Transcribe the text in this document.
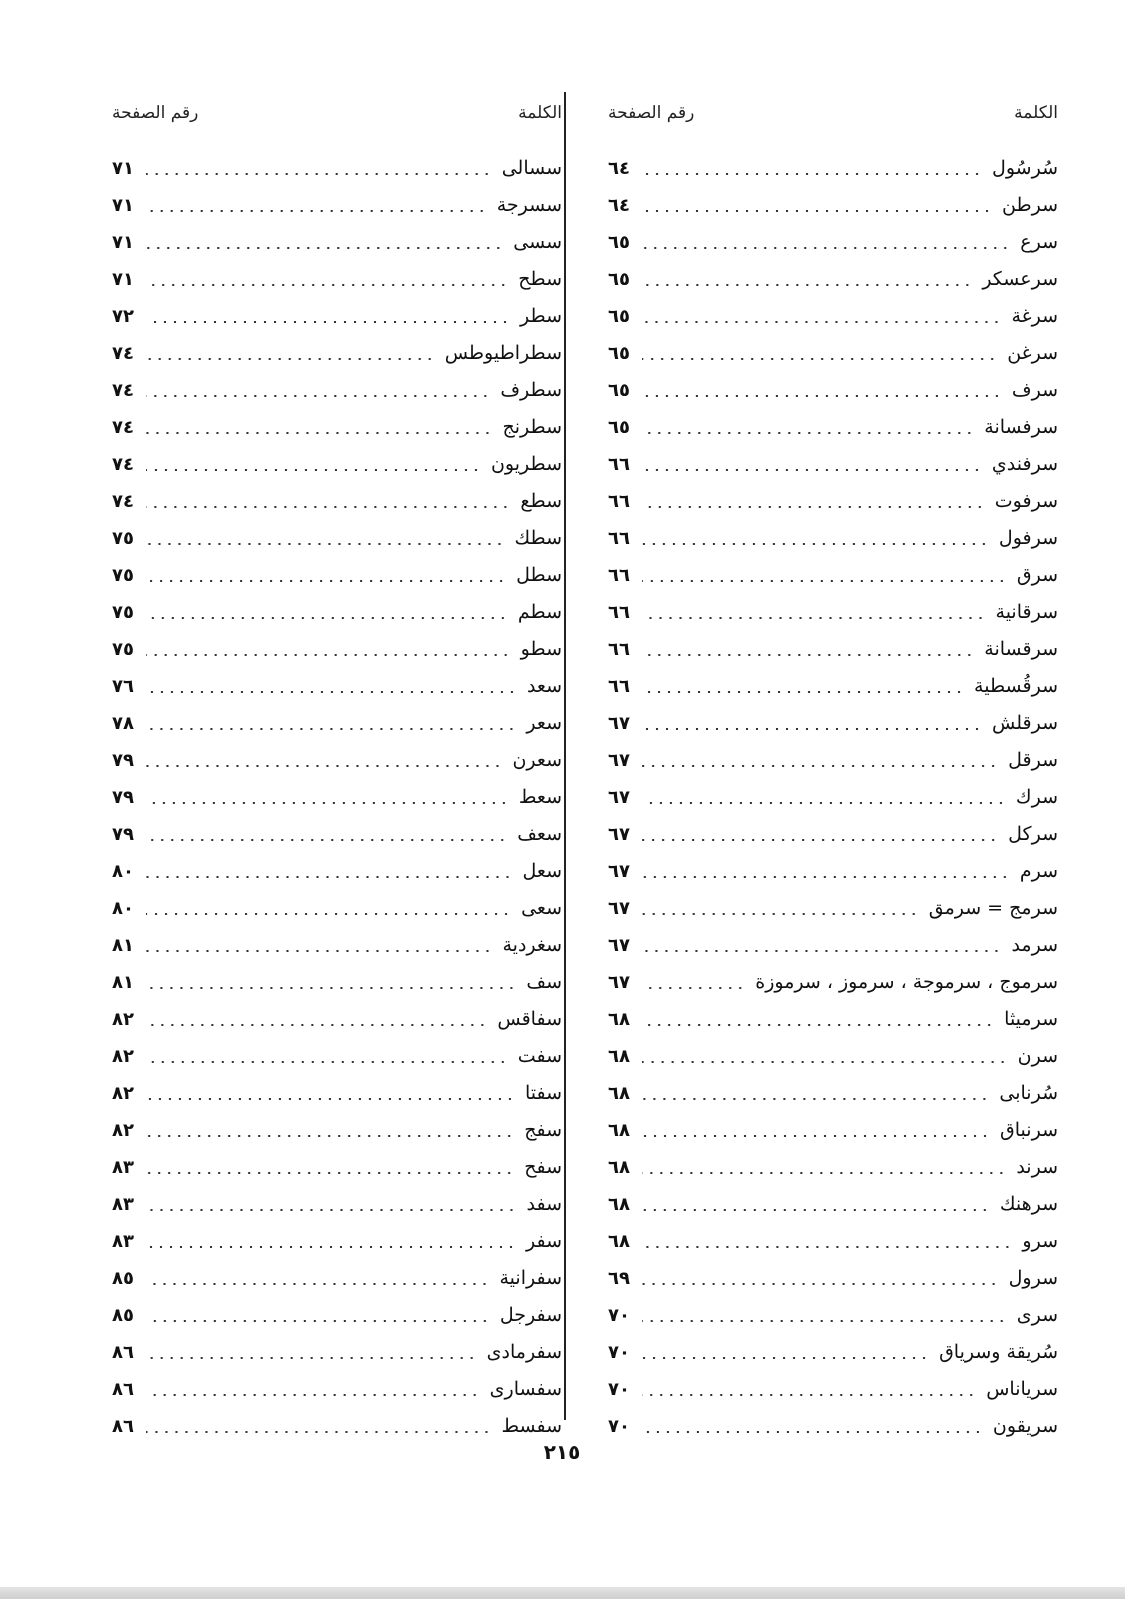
الكلمة
رقم الصفحة
سُرسُول
٦٤
سرطن
٦٤
سرع
٦٥
سرعسكر
٦٥
سرغة
٦٥
سرغن
٦٥
سرف
٦٥
سرفسانة
٦٥
سرفندي
٦٦
سرفوت
٦٦
سرفول
٦٦
سرق
٦٦
سرقانية
٦٦
سرقسانة
٦٦
سرقُسطية
٦٦
سرقلش
٦٧
سرقل
٦٧
سرك
٦٧
سركل
٦٧
سرم
٦٧
سرمج = سرمق
٦٧
سرمد
٦٧
سرموج ، سرموجة ، سرموز ، سرموزة
٦٧
سرميثا
٦٨
سرن
٦٨
سُرنابى
٦٨
سرنباق
٦٨
سرند
٦٨
سرهنك
٦٨
سرو
٦٨
سرول
٦٩
سرى
٧٠
سُريقة وسرياق
٧٠
سرياناس
٧٠
سريقون
٧٠
الكلمة
رقم الصفحة
سسالى
٧١
سسرجة
٧١
سسى
٧١
سطح
٧١
سطر
٧٢
سطراطيوطس
٧٤
سطرف
٧٤
سطرنج
٧٤
سطريون
٧٤
سطع
٧٤
سطك
٧٥
سطل
٧٥
سطم
٧٥
سطو
٧٥
سعد
٧٦
سعر
٧٨
سعرن
٧٩
سعط
٧٩
سعف
٧٩
سعل
٨٠
سعى
٨٠
سغردية
٨١
سف
٨١
سفاقس
٨٢
سفت
٨٢
سفتا
٨٢
سفج
٨٢
سفح
٨٣
سفد
٨٣
سفر
٨٣
سفرانية
٨٥
سفرجل
٨٥
سفرمادى
٨٦
سفسارى
٨٦
سفسط
٨٦
٢١٥
